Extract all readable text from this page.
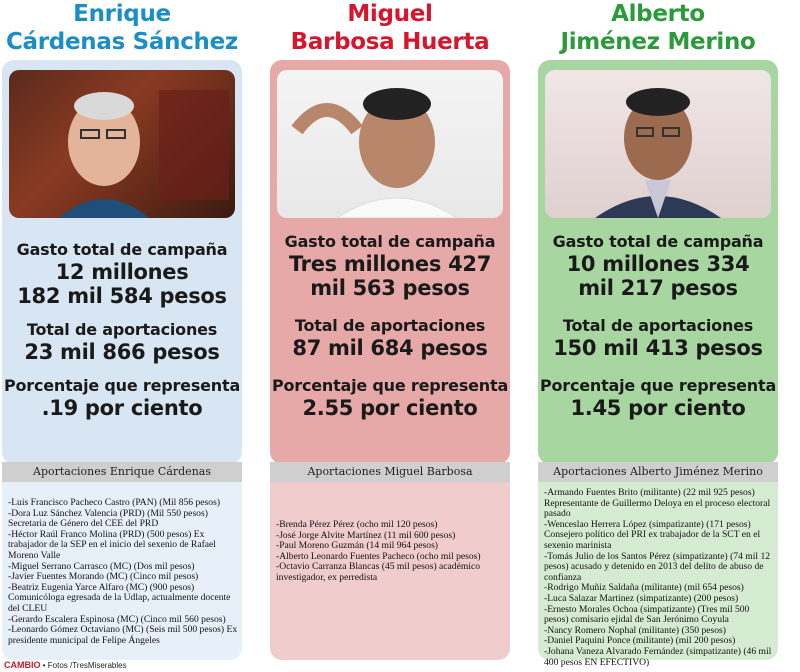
Enrique
Cárdenas Sánchez
Gasto total de campaña
12 millones
182 mil 584 pesos
Total de aportaciones
23 mil 866 pesos
Porcentaje que representa
.19 por ciento
Aportaciones Enrique Cárdenas
-Luis Francisco Pacheco Castro (PAN) (Mil 856 pesos)
-Dora Luz Sánchez Valencia (PRD) (Mil 550 pesos) Secretaria de Género del CEE del PRD
-Héctor Raúl Franco Molina (PRD) (500 pesos) Ex trabajador de la SEP en el inicio del sexenio de Rafael Moreno Valle
-Miguel Serrano Carrasco (MC) (Dos mil pesos)
-Javier Fuentes Morando (MC) (Cinco mil pesos)
-Beatriz Eugenia Yarce Alfaro (MC) (900 pesos) Comunicóloga egresada de la Udlap, actualmente docente del CLEU
-Gerardo Escalera Espinosa (MC) (Cinco mil 560 pesos)
-Leonardo Gómez Octaviano (MC) (Seis mil 500 pesos) Ex presidente municipal de Felipe Ángeles
Miguel
Barbosa Huerta
Gasto total de campaña
Tres millones 427
mil 563 pesos
Total de aportaciones
87 mil 684 pesos
Porcentaje que representa
2.55 por ciento
Aportaciones Miguel Barbosa
-Brenda Pérez Pérez (ocho mil 120 pesos)
-José Jorge Alvite Martínez (11 mil 600 pesos)
-Paul Moreno Guzmán (14 mil 964 pesos)
-Alberto Leonardo Fuentes Pacheco (ocho mil pesos)
-Octavio Carranza Blancas (45 mil pesos) académico investigador, ex perredista
Alberto
Jiménez Merino
Gasto total de campaña
10 millones 334
mil 217 pesos
Total de aportaciones
150 mil 413 pesos
Porcentaje que representa
1.45 por ciento
Aportaciones Alberto Jiménez Merino
-Armando Fuentes Brito (militante) (22 mil 925 pesos) Representante de Guillermo Deloya en el proceso electoral pasado
-Wenceslao Herrera López (simpatizante) (171 pesos) Consejero político del PRI ex trabajador de la SCT en el sexenio marinista
-Tomás Julio de los Santos Pérez (simpatizante) (74 mil 12 pesos) acusado y detenido en 2013 del delito de abuso de confianza
-Rodrigo Muñiz Saldaña (militante) (mil 654 pesos)
-Luca Salazar Martínez (simpatizante) (200 pesos)
-Ernesto Morales Ochoa (simpatizante) (Tres mil 500 pesos) comisario ejidal de San Jerónimo Coyula
-Nancy Romero Nophal (militante) (350 pesos)
-Daniel Paquini Ponce (militante) (mil 200 pesos)
-Johana Vaneza Alvarado Fernández (simpatizante) (46 mil 400 pesos EN EFECTIVO)
CAMBIO • Fotos /TresMiserables
